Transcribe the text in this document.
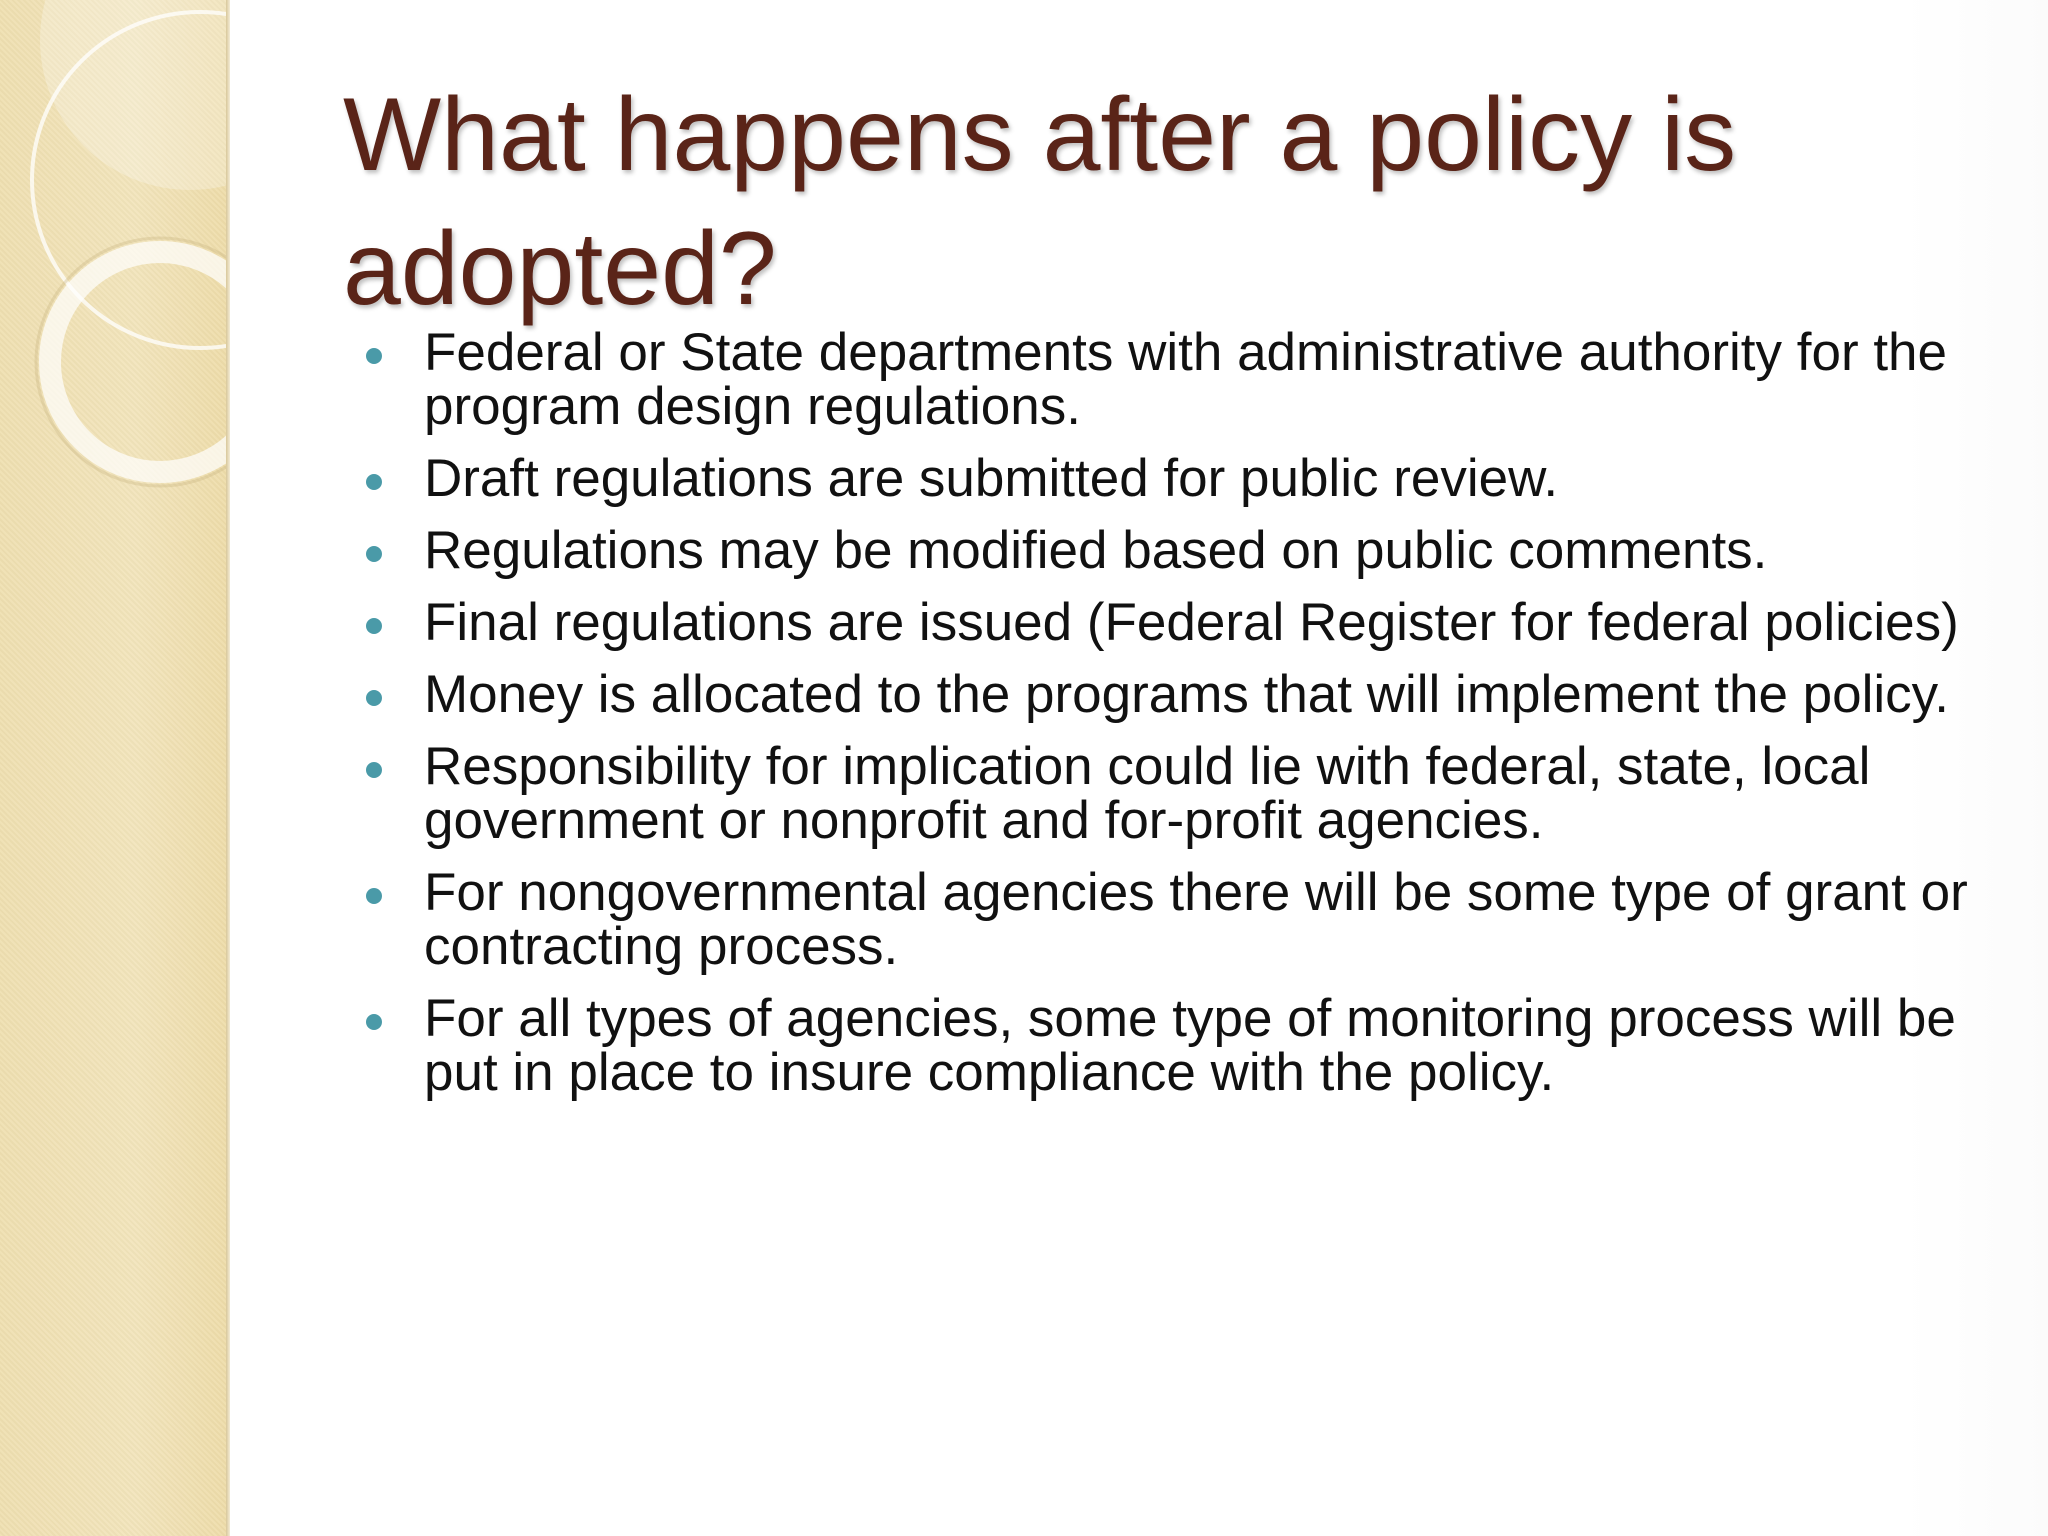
What happens after a policy is adopted?
Federal or State departments with administrative authority for the program design regulations.
Draft regulations are submitted for public review.
Regulations may be modified based on public comments.
Final regulations are issued (Federal Register for federal policies)
Money is allocated to the programs that will implement the policy.
Responsibility for implication could lie with federal, state, local government or nonprofit and for-profit agencies.
For nongovernmental agencies there will be some type of grant or contracting process.
For all types of agencies, some type of monitoring process will be put in place to insure compliance with the policy.
